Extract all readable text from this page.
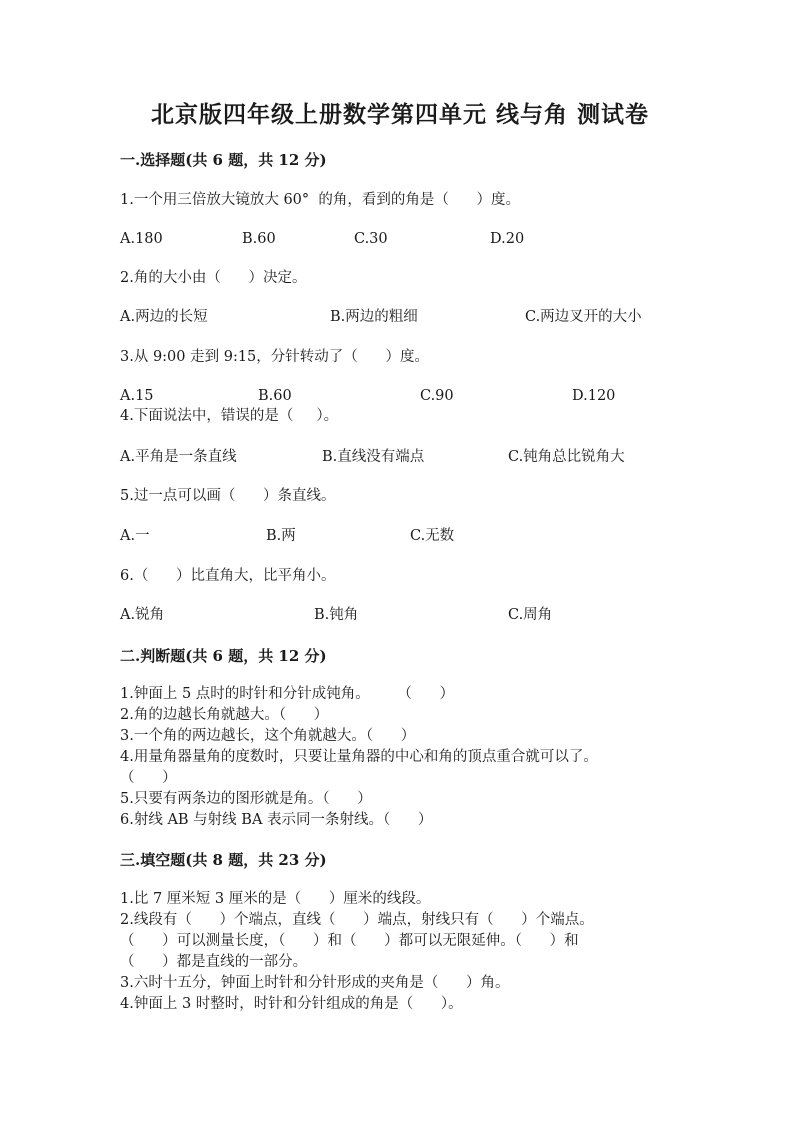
北京版四年级上册数学第四单元 线与角 测试卷
一.选择题(共 6 题，共 12 分)
1.一个用三倍放大镜放大 60°  的角，看到的角是（      ）度。
A.180	B.60	C.30	D.20
2.角的大小由（      ）决定。
A.两边的长短	B.两边的粗细	C.两边叉开的大小
3.从 9:00 走到 9:15，分针转动了（      ）度。
A.15	B.60	C.90	D.120
4.下面说法中，错误的是（     ）。
A.平角是一条直线	B.直线没有端点	C.钝角总比锐角大
5.过一点可以画（      ）条直线。
A.一	B.两	C.无数
6.（      ）比直角大，比平角小。
A.锐角	B.钝角	C.周角
二.判断题(共 6 题，共 12 分)
1.钟面上 5 点时的时针和分针成钝角。      （      ）
2.角的边越长角就越大。（      ）
3.一个角的两边越长，这个角就越大。（      ）
4.用量角器量角的度数时，只要让量角器的中心和角的顶点重合就可以了。
（      ）
5.只要有两条边的图形就是角。（      ）
6.射线 AB 与射线 BA 表示同一条射线。（      ）
三.填空题(共 8 题，共 23 分)
1.比 7 厘米短 3 厘米的是（      ）厘米的线段。
2.线段有（      ）个端点，直线（      ）端点，射线只有（      ）个端点。
（      ）可以测量长度，（      ）和（      ）都可以无限延伸。（      ）和
（      ）都是直线的一部分。
3.六时十五分，钟面上时针和分针形成的夹角是（      ）角。
4.钟面上 3 时整时，时针和分针组成的角是（      ）。
